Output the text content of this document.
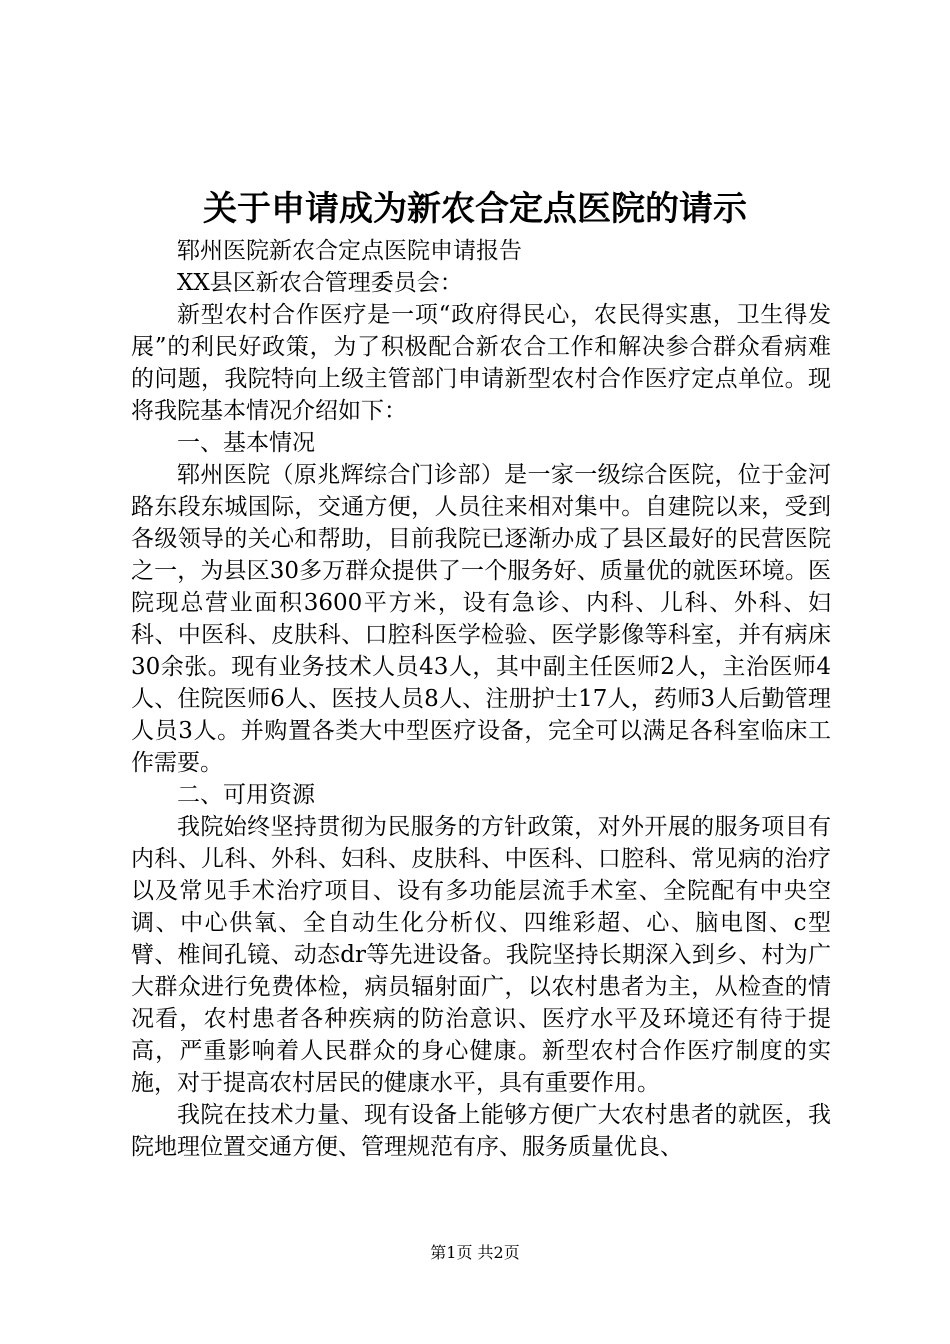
关于申请成为新农合定点医院的请示

郓州医院新农合定点医院申请报告

XX县区新农合管理委员会：

新型农村合作医疗是一项“政府得民心，农民得实惠，卫生得发展”的利民好政策，为了积极配合新农合工作和解决参合群众看病难的问题，我院特向上级主管部门申请新型农村合作医疗定点单位。现将我院基本情况介绍如下：

一、基本情况

郓州医院（原兆辉综合门诊部）是一家一级综合医院，位于金河路东段东城国际，交通方便，人员往来相对集中。自建院以来，受到各级领导的关心和帮助，目前我院已逐渐办成了县区最好的民营医院之一，为县区30多万群众提供了一个服务好、质量优的就医环境。医院现总营业面积3600平方米，设有急诊、内科、儿科、外科、妇科、中医科、皮肤科、口腔科医学检验、医学影像等科室，并有病床30余张。现有业务技术人员43人，其中副主任医师2人，主治医师4人、住院医师6人、医技人员8人、注册护士17人，药师3人后勤管理人员3人。并购置各类大中型医疗设备，完全可以满足各科室临床工作需要。

二、可用资源

我院始终坚持贯彻为民服务的方针政策，对外开展的服务项目有内科、儿科、外科、妇科、皮肤科、中医科、口腔科、常见病的治疗以及常见手术治疗项目、设有多功能层流手术室、全院配有中央空调、中心供氧、全自动生化分析仪、四维彩超、心、脑电图、c型臂、椎间孔镜、动态dr等先进设备。我院坚持长期深入到乡、村为广大群众进行免费体检，病员辐射面广，以农村患者为主，从检查的情况看，农村患者各种疾病的防治意识、医疗水平及环境还有待于提高，严重影响着人民群众的身心健康。新型农村合作医疗制度的实施，对于提高农村居民的健康水平，具有重要作用。

我院在技术力量、现有设备上能够方便广大农村患者的就医，我院地理位置交通方便、管理规范有序、服务质量优良、

第1页 共2页
